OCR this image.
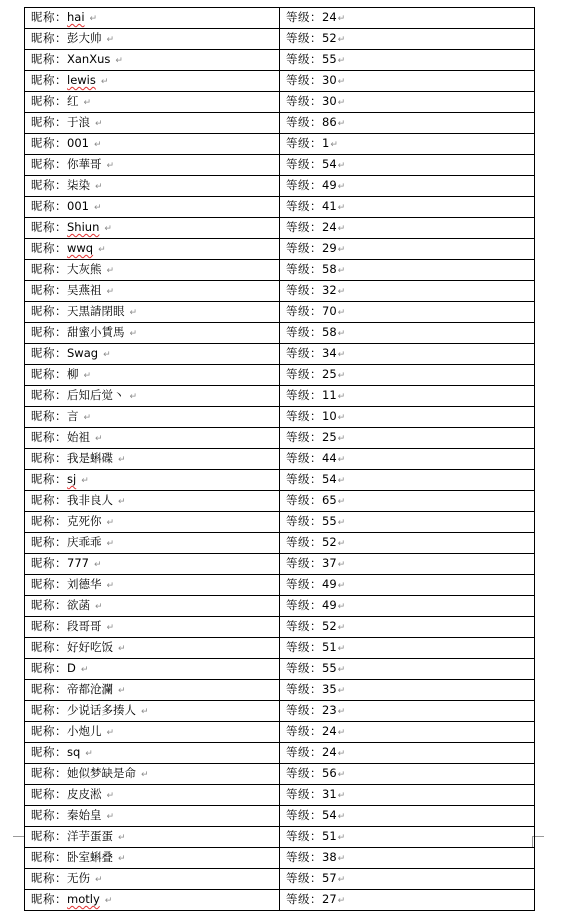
昵称：hai ↵	等级：24↵
昵称：彭大帅 ↵	等级：52↵
昵称：XanXus ↵	等级：55↵
昵称：lewis ↵	等级：30↵
昵称：红 ↵	等级：30↵
昵称：于浪 ↵	等级：86↵
昵称：001 ↵	等级：1↵
昵称：你華哥 ↵	等级：54↵
昵称：柒染 ↵	等级：49↵
昵称：001 ↵	等级：41↵
昵称：Shiun ↵	等级：24↵
昵称：wwq ↵	等级：29↵
昵称：大灰熊 ↵	等级：58↵
昵称：吴燕祖 ↵	等级：32↵
昵称：天黒請閉眼 ↵	等级：70↵
昵称：甜蜜小賃馬 ↵	等级：58↵
昵称：Swag ↵	等级：34↵
昵称：柳 ↵	等级：25↵
昵称：后知后觉丶 ↵	等级：11↵
昵称：言 ↵	等级：10↵
昵称：始祖 ↵	等级：25↵
昵称：我是蝌碟 ↵	等级：44↵
昵称：sj ↵	等级：54↵
昵称：我非良人 ↵	等级：65↵
昵称：克死你 ↵	等级：55↵
昵称：庆乖乖 ↵	等级：52↵
昵称：777 ↵	等级：37↵
昵称：刘德华 ↵	等级：49↵
昵称：欲菡 ↵	等级：49↵
昵称：段哥哥 ↵	等级：52↵
昵称：好好吃饭 ↵	等级：51↵
昵称：D ↵	等级：55↵
昵称：帝都沧瀾 ↵	等级：35↵
昵称：少说话多揍人 ↵	等级：23↵
昵称：小炮儿 ↵	等级：24↵
昵称：sq ↵	等级：24↵
昵称：她似梦缺是命 ↵	等级：56↵
昵称：皮皮淞 ↵	等级：31↵
昵称：秦始皇 ↵	等级：54↵
昵称：洋芋蛋蛋 ↵	等级：51↵
昵称：卧室蝌叠 ↵	等级：38↵
昵称：无伤 ↵	等级：57↵
昵称：motly ↵	等级：27↵
